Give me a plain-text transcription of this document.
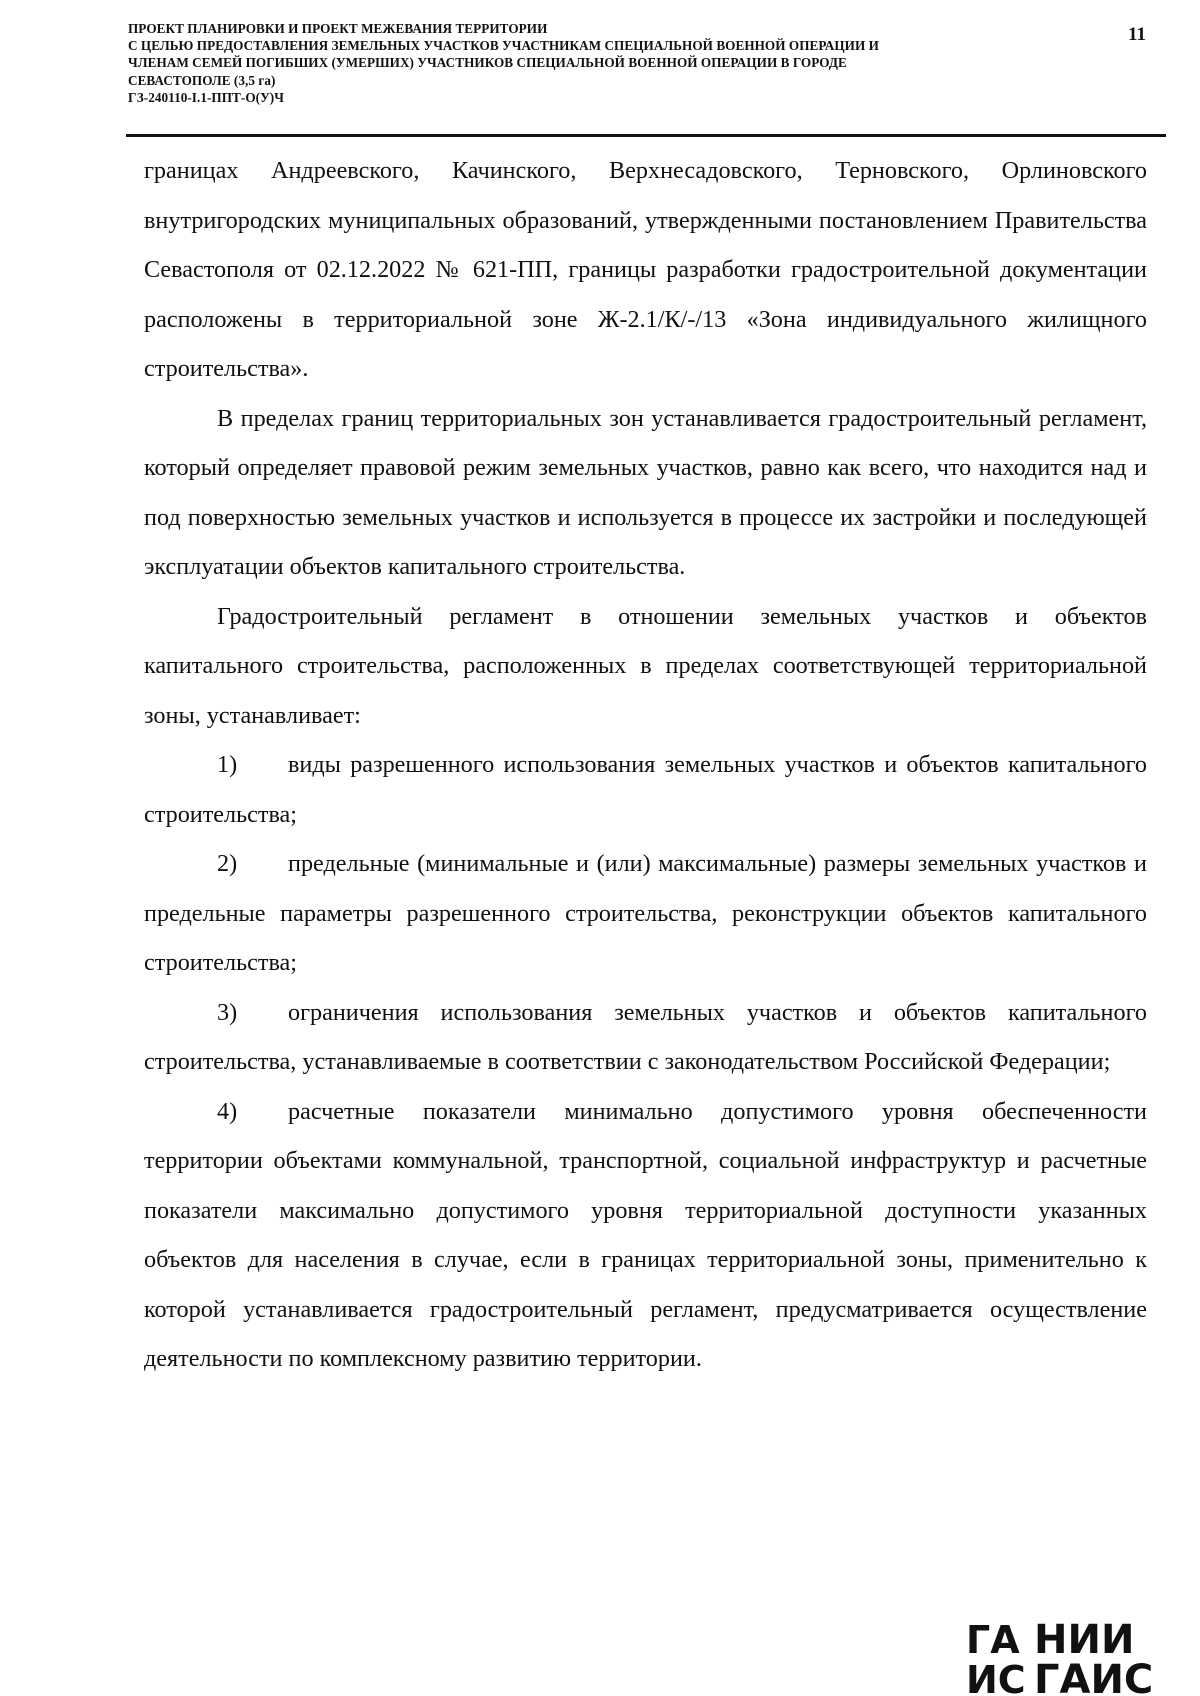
ПРОЕКТ ПЛАНИРОВКИ И ПРОЕКТ МЕЖЕВАНИЯ ТЕРРИТОРИИ
С ЦЕЛЬЮ ПРЕДОСТАВЛЕНИЯ ЗЕМЕЛЬНЫХ УЧАСТКОВ УЧАСТНИКАМ СПЕЦИАЛЬНОЙ ВОЕННОЙ ОПЕРАЦИИ И
ЧЛЕНАМ СЕМЕЙ ПОГИБШИХ (УМЕРШИХ) УЧАСТНИКОВ СПЕЦИАЛЬНОЙ ВОЕННОЙ ОПЕРАЦИИ В ГОРОДЕ
СЕВАСТОПОЛЕ (3,5 га)
ГЗ-240110-I.1-ППТ-О(У)Ч
11

границах Андреевского, Качинского, Верхнесадовского, Терновского, Орлиновского внутригородских муниципальных образований, утвержденными постановлением Правительства Севастополя от 02.12.2022 № 621-ПП, границы разработки градостроительной документации расположены в территориальной зоне Ж-2.1/К/-/13 «Зона индивидуального жилищного строительства».

В пределах границ территориальных зон устанавливается градостроительный регламент, который определяет правовой режим земельных участков, равно как всего, что находится над и под поверхностью земельных участков и используется в процессе их застройки и последующей эксплуатации объектов капитального строительства.

Градостроительный регламент в отношении земельных участков и объектов капитального строительства, расположенных в пределах соответствующей территориальной зоны, устанавливает:

1) виды разрешенного использования земельных участков и объектов капитального строительства;

2) предельные (минимальные и (или) максимальные) размеры земельных участков и предельные параметры разрешенного строительства, реконструкции объектов капитального строительства;

3) ограничения использования земельных участков и объектов капитального строительства, устанавливаемые в соответствии с законодательством Российской Федерации;

4) расчетные показатели минимально допустимого уровня обеспеченности территории объектами коммунальной, транспортной, социальной инфраструктур и расчетные показатели максимально допустимого уровня территориальной доступности указанных объектов для населения в случае, если в границах территориальной зоны, применительно к которой устанавливается градостроительный регламент, предусматривается осуществление деятельности по комплексному развитию территории.

ГА
ИС
НИИ
ГАИС
